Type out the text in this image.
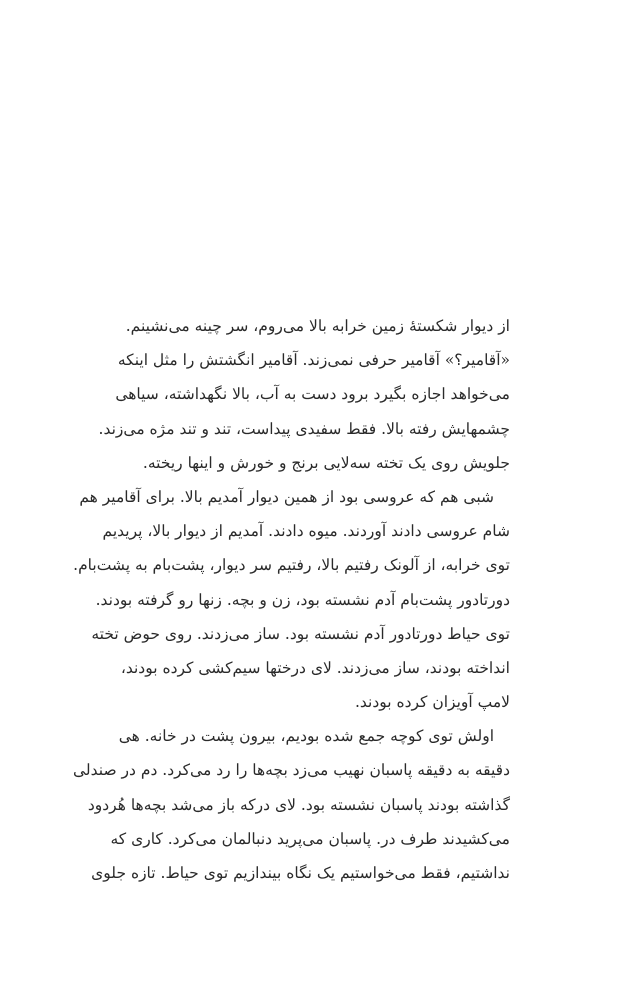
از دیوار شکستهٔ زمین خرابه بالا می‌روم، سر چینه می‌نشینم.
«آقامیر؟» آقامیر حرفی نمی‌زند. آقامیر انگشتش را مثل اینکه
می‌خواهد اجازه بگیرد برود دست به آب، بالا نگهداشته، سیاهی
چشمهایش رفته بالا. فقط سفیدی پیداست، تند و تند مژه می‌زند.
جلویش روی یک تخته سه‌لایی برنج و خورش و اینها ریخته.
شبی هم که عروسی بود از همین دیوار آمدیم بالا. برای آقامیر هم
شام عروسی دادند آوردند. میوه دادند. آمدیم از دیوار بالا، پریدیم
توی خرابه، از آلونک رفتیم بالا، رفتیم سر دیوار، پشت‌بام به پشت‌بام.
دورتادور پشت‌بام آدم نشسته بود، زن و بچه. زنها رو گرفته بودند.
توی حیاط دورتادور آدم نشسته بود. ساز می‌زدند. روی حوض تخته
انداخته بودند، ساز می‌زدند. لای درختها سیم‌کشی کرده بودند،
لامپ آویزان کرده بودند.
اولش توی کوچه جمع شده بودیم، بیرون پشت در خانه. هی
دقیقه به دقیقه پاسبان نهیب می‌زد بچه‌ها را رد می‌کرد. دم در صندلی
گذاشته بودند پاسبان نشسته بود. لای درکه باز می‌شد بچه‌ها هُردود
می‌کشیدند طرف در. پاسبان می‌پرید دنبالمان می‌کرد. کاری که
نداشتیم، فقط می‌خواستیم یک نگاه بیندازیم توی حیاط. تازه جلوی
